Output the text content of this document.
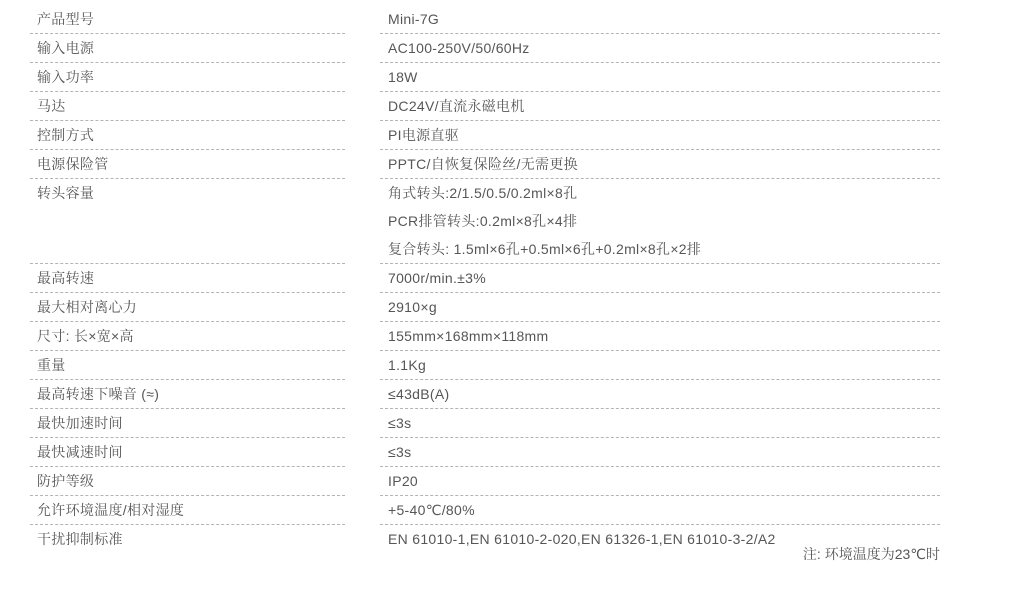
产品型号	Mini-7G
输入电源	AC100-250V/50/60Hz
输入功率	18W
马达	DC24V/直流永磁电机
控制方式	PI电源直驱
电源保险管	PPTC/自恢复保险丝/无需更换
转头容量	角式转头:2/1.5/0.5/0.2ml×8孔
PCR排管转头:0.2ml×8孔×4排
复合转头: 1.5ml×6孔+0.5ml×6孔+0.2ml×8孔×2排
最高转速	7000r/min.±3%
最大相对离心力	2910×g
尺寸: 长×宽×高	155mm×168mm×118mm
重量	1.1Kg
最高转速下噪音 (≈)	≤43dB(A)
最快加速时间	≤3s
最快减速时间	≤3s
防护等级	IP20
允许环境温度/相对湿度	+5-40℃/80%
干扰抑制标准	EN 61010-1,EN 61010-2-020,EN 61326-1,EN 61010-3-2/A2
注: 环境温度为23℃时
